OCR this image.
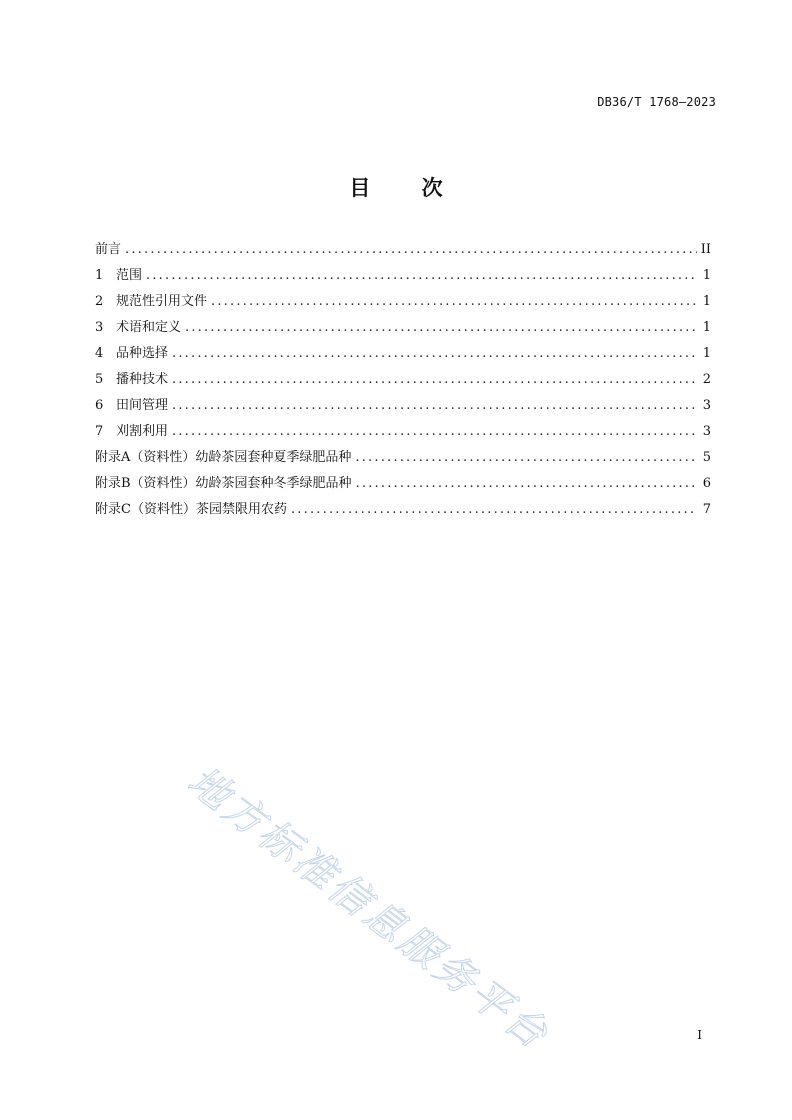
DB36/T 1768—2023
目 次
前言 .....	II
1 范围 .....	1
2 规范性引用文件 .....	1
3 术语和定义 .....	1
4 品种选择 .....	1
5 播种技术 .....	2
6 田间管理 .....	3
7 刈割利用 .....	3
附录A（资料性）幼龄茶园套种夏季绿肥品种 .....	5
附录B（资料性）幼龄茶园套种冬季绿肥品种 .....	6
附录C（资料性）茶园禁限用农药 .....	7
地方标准信息服务平台	I
